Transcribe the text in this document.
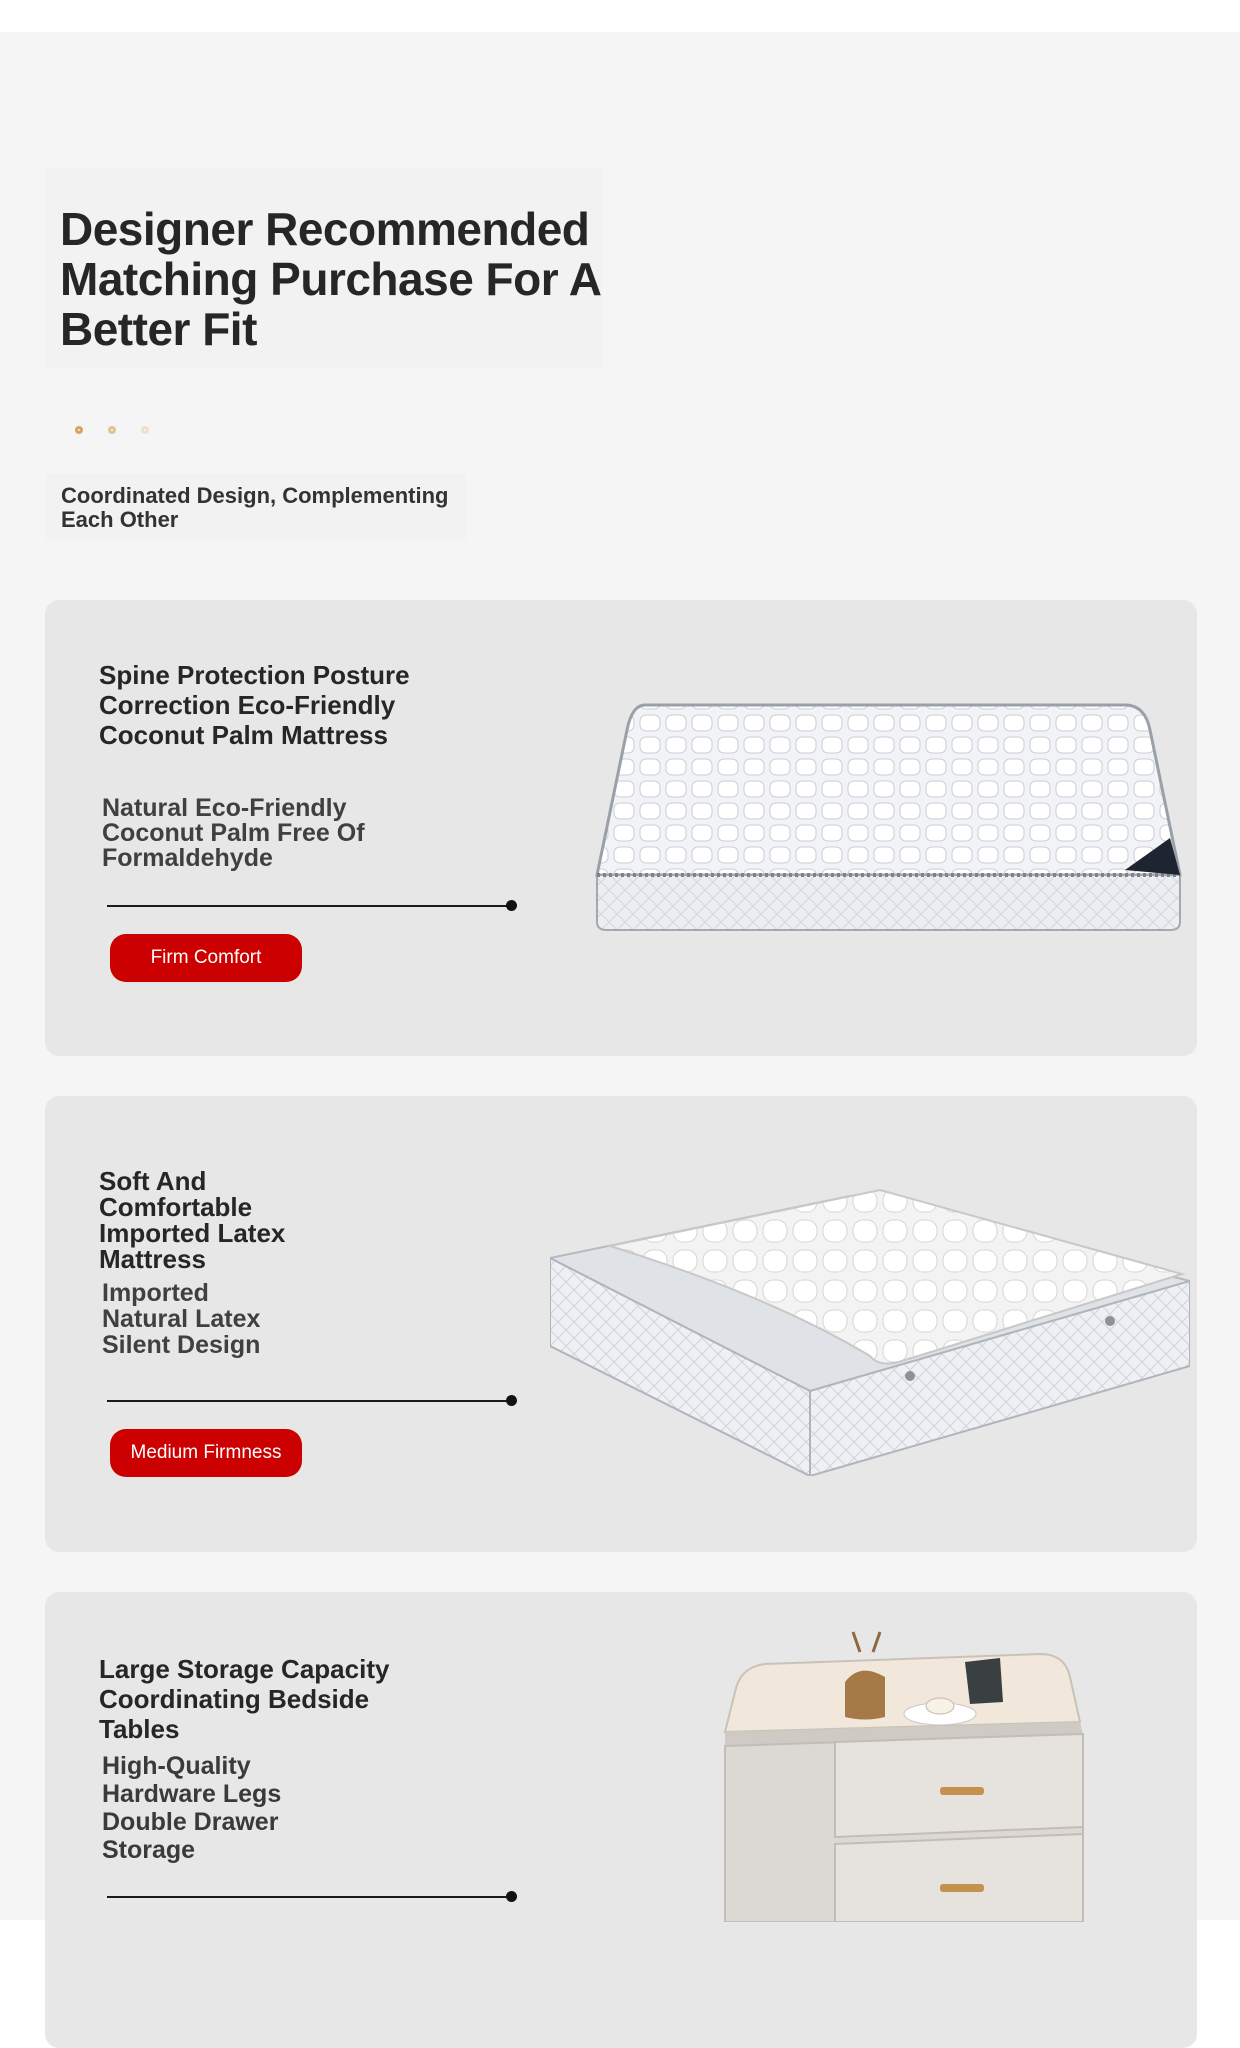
Designer Recommended Matching Purchase For A Better Fit
Coordinated Design, Complementing Each Other
Spine Protection Posture Correction Eco-Friendly Coconut Palm Mattress
Natural Eco-Friendly Coconut Palm Free Of Formaldehyde
Firm Comfort
Soft And Comfortable Imported Latex Mattress
Imported Natural Latex Silent Design
Medium Firmness
Large Storage Capacity Coordinating Bedside Tables
High-Quality Hardware Legs Double Drawer Storage
